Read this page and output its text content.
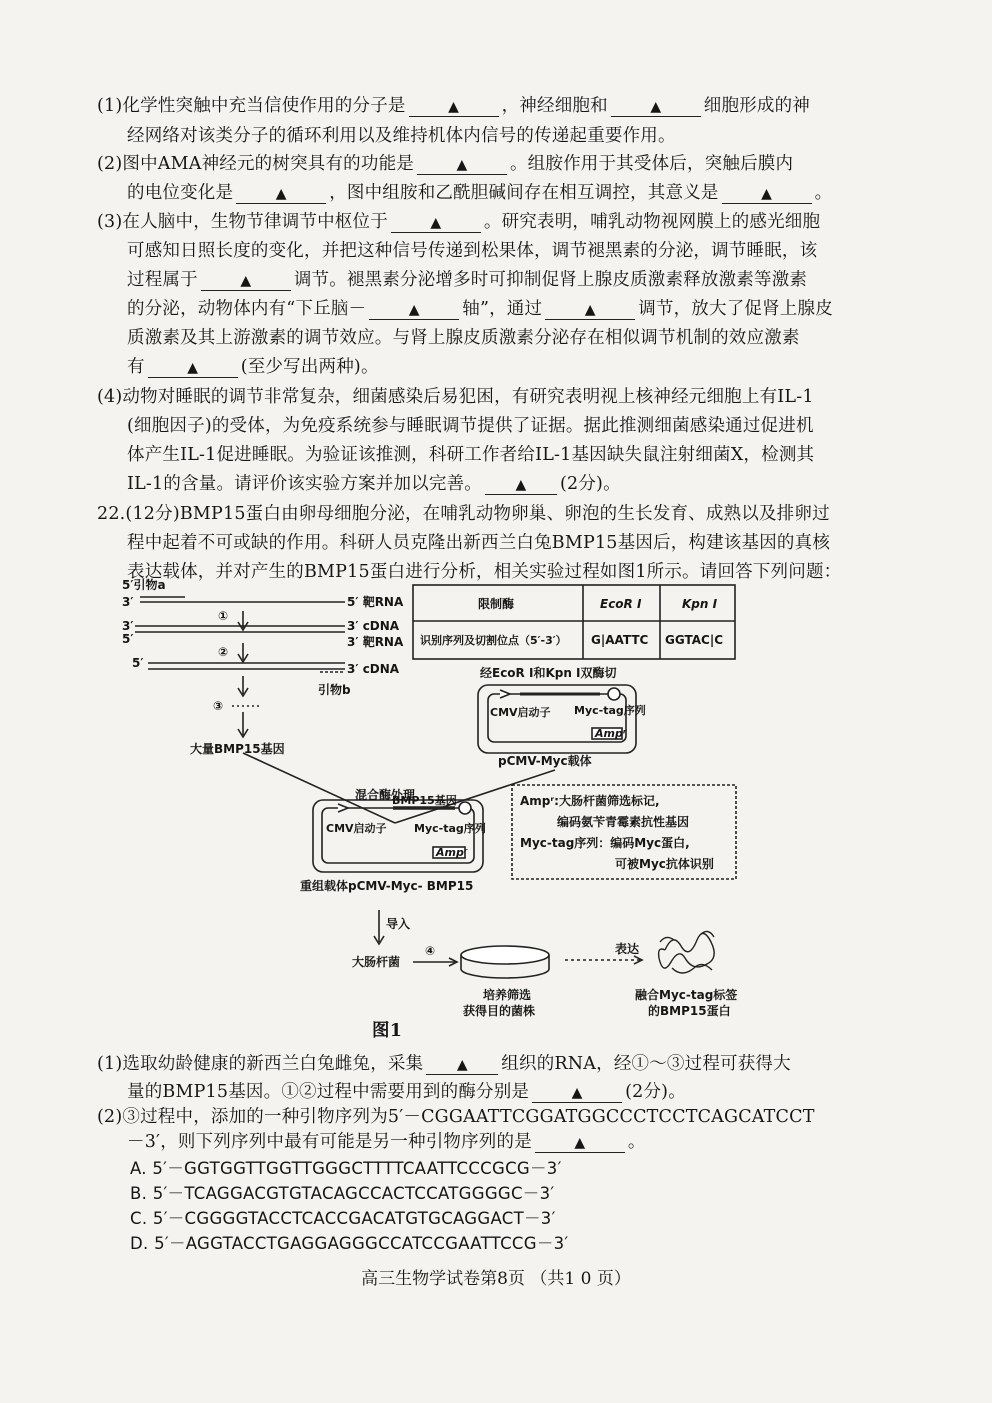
(1)化学性突触中充当信使作用的分子是	▲ ，神经细胞和	▲ 细胞形成的神
经网络对该类分子的循环利用以及维持机体内信号的传递起重要作用。
(2)图中AMA神经元的树突具有的功能是	▲ 。组胺作用于其受体后，突触后膜内
的电位变化是	▲ ，图中组胺和乙酰胆碱间存在相互调控，其意义是	▲ 。
(3)在人脑中，生物节律调节中枢位于	▲ 。研究表明，哺乳动物视网膜上的感光细胞
可感知日照长度的变化，并把这种信号传递到松果体，调节褪黑素的分泌，调节睡眠，该
过程属于	▲ 调节。褪黑素分泌增多时可抑制促肾上腺皮质激素释放激素等激素
的分泌，动物体内有“下丘脑－	▲ 轴”，通过	▲ 调节，放大了促肾上腺皮
质激素及其上游激素的调节效应。与肾上腺皮质激素分泌存在相似调节机制的效应激素
有	▲ (至少写出两种)。
(4)动物对睡眠的调节非常复杂，细菌感染后易犯困，有研究表明视上核神经元细胞上有IL-1
(细胞因子)的受体，为免疫系统参与睡眠调节提供了证据。据此推测细菌感染通过促进机
体产生IL-1促进睡眠。为验证该推测，科研工作者给IL-1基因缺失鼠注射细菌X，检测其
IL-1的含量。请评价该实验方案并加以完善。 ▲ (2分)。
22.(12分)BMP15蛋白由卵母细胞分泌，在哺乳动物卵巢、卵泡的生长发育、成熟以及排卵过
程中起着不可或缺的作用。科研人员克隆出新西兰白兔BMP15基因后，构建该基因的真核
表达载体，并对产生的BMP15蛋白进行分析，相关实验过程如图1所示。请回答下列问题：
5′引物a
3′	5′ 靶RNA
①
3′
5′
3′ cDNA
3′ 靶RNA
②
5′	3′ cDNA
引物b
③
大量BMP15基因
限制酶	EcoR I	Kpn I
识别序列及切割位点（5′-3′） G|AATTC GGTAC|C
经EcoR I和Kpn I双酶切
CMV启动子 Myc-tag序列
Ampʳ
pCMV-Myc载体
混合酶处理
BMP15基因
CMV启动子 Myc-tag序列
Ampʳ
重组载体pCMV-Myc- BMP15
Ampʳ:大肠杆菌筛选标记,
编码氨苄青霉素抗性基因
Myc-tag序列：编码Myc蛋白,
可被Myc抗体识别
导入
大肠杆菌
④
培养筛选
获得目的菌株
表达
融合Myc-tag标签
的BMP15蛋白
图1
(1)选取幼龄健康的新西兰白兔雌兔，采集 ▲ 组织的RNA，经①～③过程可获得大
量的BMP15基因。①②过程中需要用到的酶分别是	▲ (2分)。
(2)③过程中，添加的一种引物序列为5′－CGGAATTCGGATGGCCCTCCTCAGCATCCT
－3′，则下列序列中最有可能是另一种引物序列的是	▲ 。
A. 5′－GGTGGTTGGTTGGGCTTTTCAATTCCCGCG－3′
B. 5′－TCAGGACGTGTACAGCCACTCCATGGGGC－3′
C. 5′－CGGGGTACCTCACCGACATGTGCAGGACT－3′
D. 5′－AGGTACCTGAGGAGGGCCATCCGAATTCCG－3′
高三生物学试卷第8页 （共1 0 页）
